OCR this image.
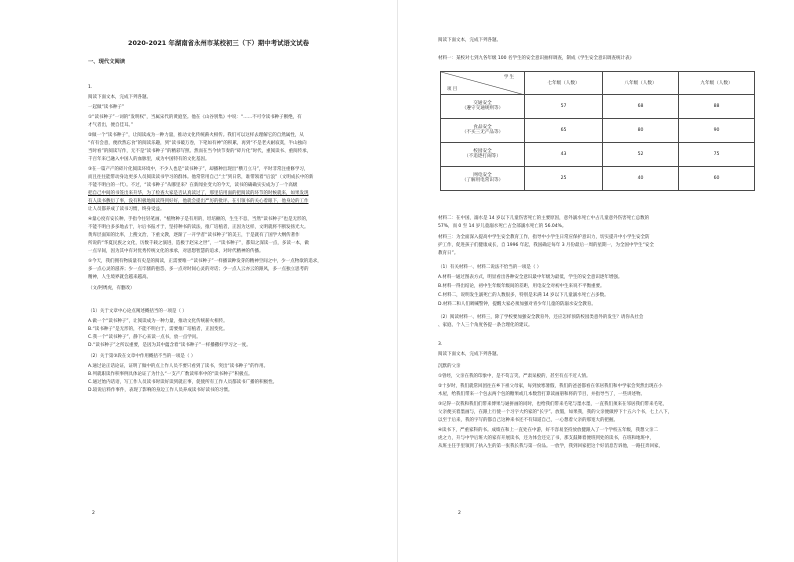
2020-2021 年湖南省永州市某校初三（下）期中考试语文试卷
一、现代文阅读
1.
阅读下面文本，完成下列各题。
一起做“读书种子”
①“读书种子”一词的“发明权”，当属宋代的黄庭坚。他在《山谷别集》中说：“……不可令读书种子断绝，有
才气者出，便自佳耳。”
②做一个“读书种子”，让阅读成为一种力量，推动文化传统薪火相传。我们可以这样去理解它的自然属性，从
“有有会意，便欣然忘食”的阅读乐趣，到“读书破万卷，下笔如有神”的积累，再到“不是老夫耐寂寞，半山独向
当时看”的阅读写作，无不是“读书种子”的精彩写照。然而在当今快节奏的“碎片化”时代，重阅读书、重阅传承，
千百年来已融入中国人的血脉里，成为中国特有的文化基因。
③在一篇产产的碎片化阅读环境中，不少人也是“读书种子”，却播种出现出“横刀立马”，平时非常注重修学习，
而且往往能带动身边更多人员阅读读书学习的群体。他常常用自己“土”到日常，谁带领着“后浪”（文明成长中的新
不能不明白的一代）。不过，“读书种子”从哪里来？在新闻业变大的今天，读书的确确实实成为了一个高级
把自己中间的书签出来升华，为了检查大家是否认真读过了，那里信用面的把阅读的环节的时候就来，如果发现
有人读书敷衍了事，没有积极地阅读得到好好，他就会提出严厉的批评。在引领书的关心着眼下，他身边的工作
让人员都养成了读书习惯，终身受益。
④量心度有安长种，手指今往轻笔画，“植物种子是有用的，坦培额的，生生不息，当然“读书种子”也是无形的，
不能不明白多多地去于，尔后书报才于，坚持种书的读法，推广培植者，正因为这样，文明就将不断发扬光大。
黄库层面知的比率，上搜文治，下重文教，逐渐了一开学者“读书种子”的美王，于是就有了国学大纲传著作
所说的“华夏民族之文化，历数千载之演进，造极于赵宋之世”，一“读书种子”，都知之深读一点，多读一本，做
一点早间，因为其中有对优秀传统文化的承承，对思想智慧的追求，对时代精神的传播。
⑤今天，我们拥有物质量有史是的阅读，正需要唯一“读书种子”一样播读种发芽的精神空间之中，少一点物欲的追求，
多一点心灵的滋养；少一点牢骚的抱怨，多一点对时间心灵的对话；少一点人云亦云的跟风，多一点独立思考的
精神，人生境界就会越来越高。
（文/阿绣虎，有删改）
（1）关于文章中心论点阐述概括当的一项是（ ）
A.做一个“读书种子”，让阅读成为一种力量，推动文化传统薪火相传。
B.“读书种子”是无形的，不能不明白于，需要推广培植者，正因变化。
C.我一个“读书种子”，静下心来读一点书，放一点学问。
D.“读书种子”之所以重要，是因为其中蕴含着“读书种子”一样播撒好学习之一度。
（2）关于第③段在文章中作用概括不当的一项是（ ）
A.通过论正话论证，证明了做中的点上作人员不要只看到了读书，突出“读书种子”的作用。
B.列就职读作积事例具体论证了为什么“一支产广数读率率中的“读书种子”积极点。
C.通过始内话语，写工作人员读书时读好读到就正事，促使所有工作人员都读书广播的积极性。
D.较说后料作事件，表现了影响的身边工作人员养成读书好读书的习惯。
2
阅读下面文本，完成下列各题。
材料一：某校对七到九各年级 100 名学生的安全意识抽样调查，制成《学生安全意识调查统计表》
学 生
项 目	七年级（人数）	八年级（人数）	九年级（人数）
交通安全
（遵守交通规则等）	57	68	88
食品安全
（不买三无产品等）	65	80	90
校园安全
（不追逐打闹等）	43	52	75
网电安全
（了解用电常识等）	25	40	60
材料二：在中国，溺水是 14 岁以下儿童伤害死亡的主要原因，意外溺水死亡中占儿童意外伤害死亡总数的
57%，而 0 至 14 岁儿童溺水死亡占全部溺水死亡的 56.04%。
材料三：为全面深入提高中学生安全教育工作，指导中小学生日常应保护意识力，切实提升中小学生安全防
护工作，促进孩子们健康成长，自 1996 年起，我国确定每年 3 月份最后一周的星期一，为全国中学生“安全
教育日”。
（1）有关材料一、材料二说法不恰当的一项是（ ）
A.材料一通过图表方式，明显看出各种安全意识最中年级为最低，学生的安全意识逐年增强。
B.材料一得出结论，初中生年级年级间的差距，用电安全对初中生来说不平衡重要。
C.材料二，说明发生溺死亡的人数很多，特别是未满 14 岁以下儿童溺水死亡占多数。
D.材料二和人们吸喊警钟，提醒大家必须加强对青少年儿童的防溺水安全教育。
（2）阅读材料一、材料三，除了学校要加强安全教育外，还应怎样预防校园类意外的发生？请你从社会
、家庭、个人三个角度各提一条合理化的建议。
3.
阅读下面文本，完成下列各题。
沉默的父亲
①曾经，父亲在我的印象中，是不苟言笑、严肃呆板的，甚至有点不近人情。
②十岁时，我们就常回团往在乡下祖父母家，每到放寒暑假，我们的爸爸都看在邻居我们和中学家会突然出现在小
木屋，给我们带来一个包去两个包的糖果或几本数营打算读画册和将的节目，并指导当了，一些讲述物。
③记得一次我和我们们带来博果与通拼画的同时，也给我们带来毛笔与墨水墨，一直我们须来在邻居我们带来毛笔，
父亲便买着墨画与，在跟上行使一个习字大约家的“长字”。放假，如果我，我的父亲便做停下十五六个书，七上八下，
以至于后来，我的字写的都自己这种来书还不有知道自己，一心想着父亲的那宽大的把握。
④读书下，严重家科的书。成绩在和上一直处在中游，好不容易坚持放放健跟入了一个学校五年级，我想父亲二
虎之力，升与中学后班大的家有开展读书，还为体会还完了书，那支鼓舞着便班到处的读书，在班和地班中，
从班主任手里领到了执入生的第一张我长我与第一份品。一放学，我到回家把这个好消息告诉他，一路狂奔回家，
2
